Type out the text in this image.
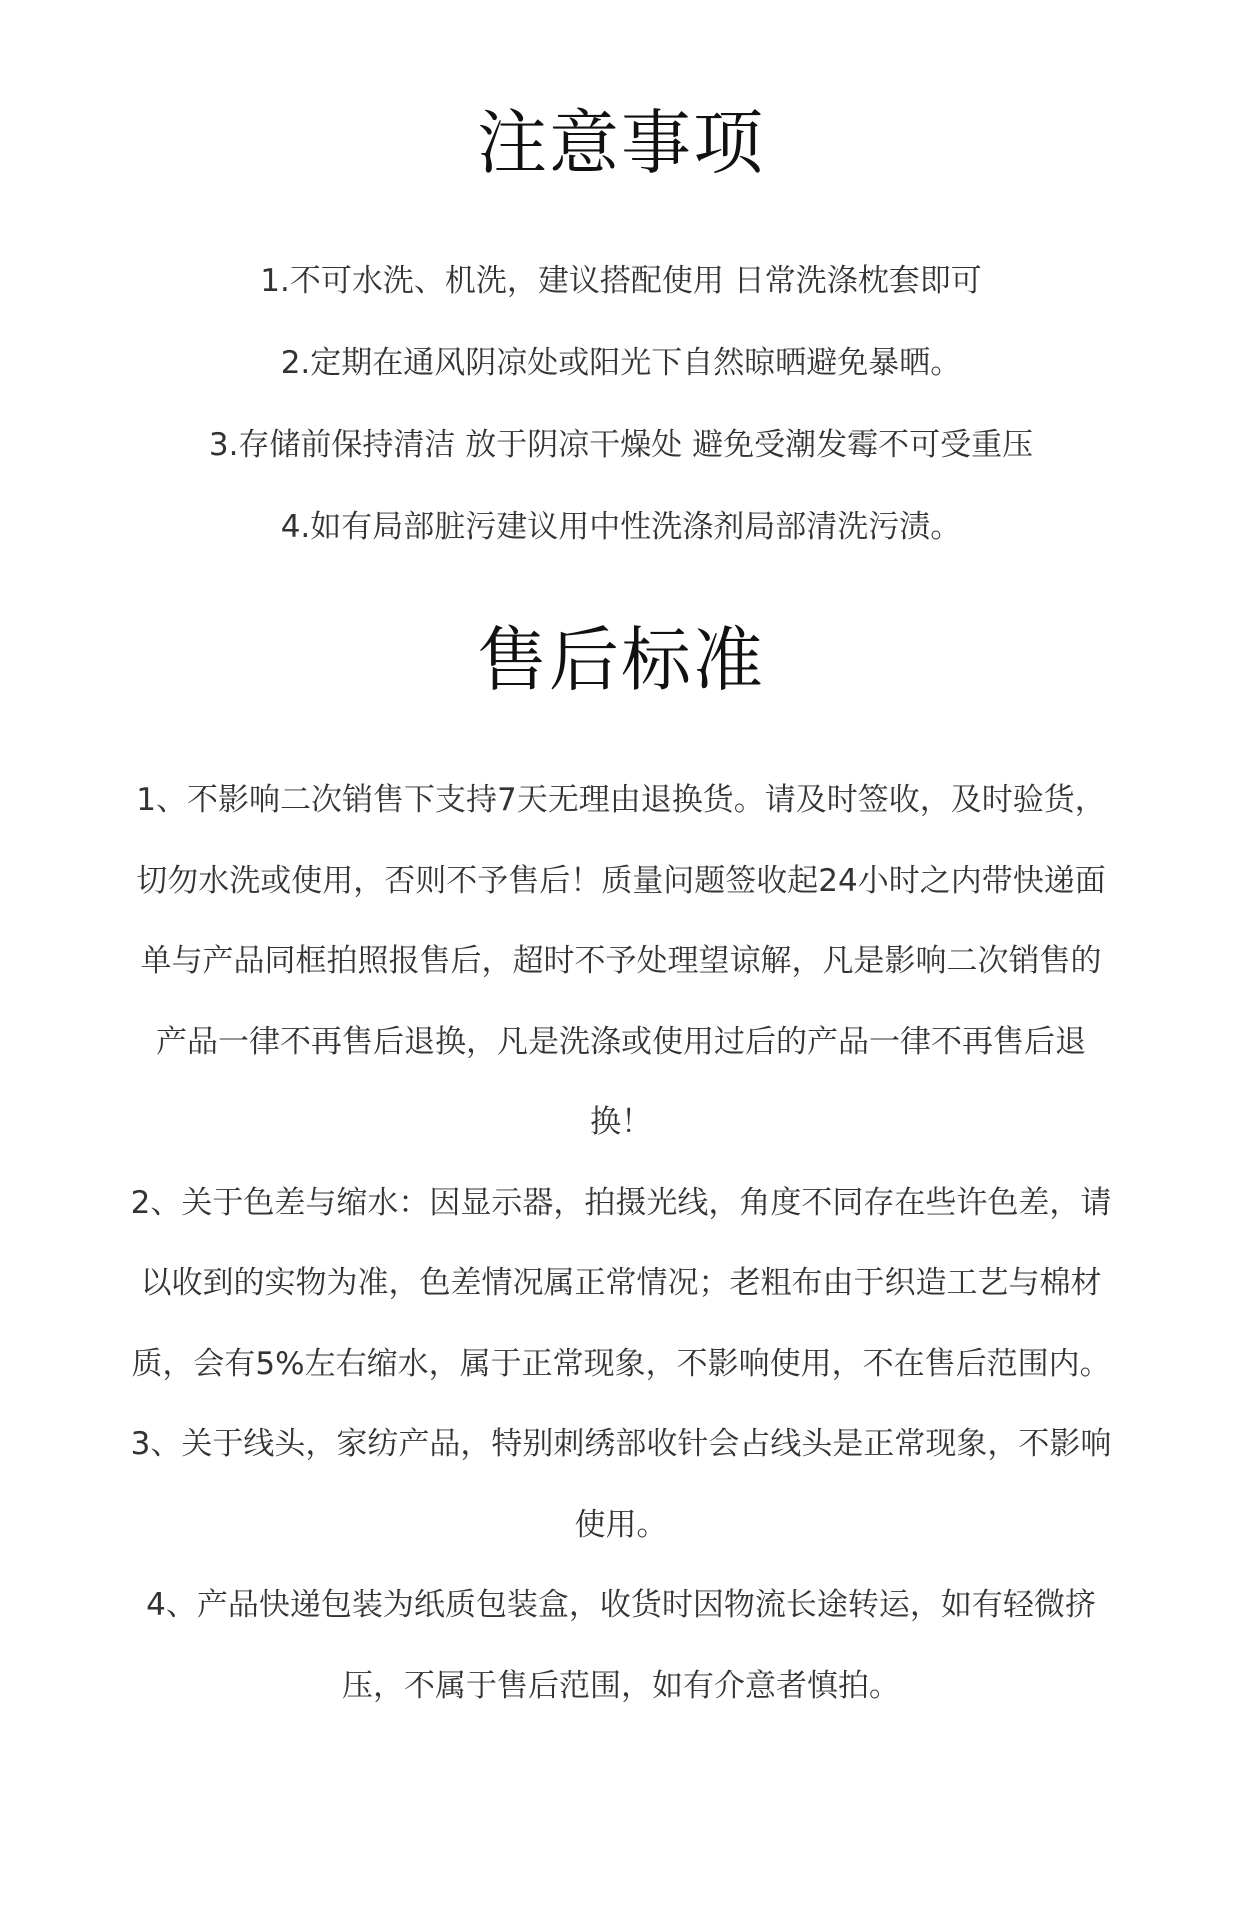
注意事项
1.不可水洗、机洗，建议搭配使用 日常洗涤枕套即可
2.定期在通风阴凉处或阳光下自然晾晒避免暴晒。
3.存储前保持清洁 放于阴凉干燥处 避免受潮发霉不可受重压
4.如有局部脏污建议用中性洗涤剂局部清洗污渍。
售后标准

1、不影响二次销售下支持7天无理由退换货。请及时签收，及时验货，切勿水洗或使用，否则不予售后！质量问题签收起24小时之内带快递面单与产品同框拍照报售后，超时不予处理望谅解，凡是影响二次销售的产品一律不再售后退换，凡是洗涤或使用过后的产品一律不再售后退换！

2、关于色差与缩水：因显示器，拍摄光线，角度不同存在些许色差，请以收到的实物为准，色差情况属正常情况；老粗布由于织造工艺与棉材质，会有5%左右缩水，属于正常现象，不影响使用，不在售后范围内。

3、关于线头，家纺产品，特别刺绣部收针会占线头是正常现象，不影响使用。

4、产品快递包装为纸质包装盒，收货时因物流长途转运，如有轻微挤压，不属于售后范围，如有介意者慎拍。
